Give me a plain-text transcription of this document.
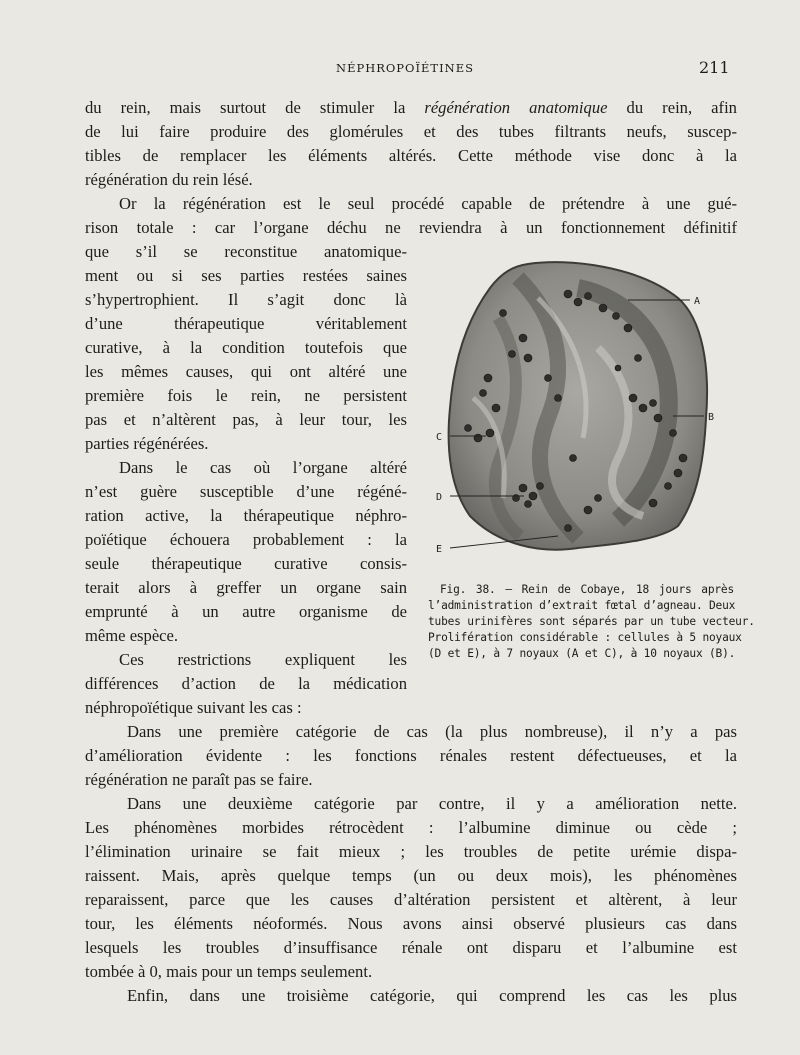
NÉPHROPOÏÉTINES	211
du rein, mais surtout de stimuler la régénération anatomique du rein, afin
de lui faire produire des glomérules et des tubes filtrants neufs, suscep-
tibles de remplacer les éléments altérés. Cette méthode vise donc à la
régénération du rein lésé.
Or la régénération est le seul procédé capable de prétendre à une gué-
rison totale : car l’organe déchu ne reviendra à un fonctionnement définitif
que s’il se reconstitue anatomique-
ment ou si ses parties restées saines
s’hypertrophient. Il s’agit donc là
d’une thérapeutique véritablement
curative, à la condition toutefois que
les mêmes causes, qui ont altéré une
première fois le rein, ne persistent
pas et n’altèrent pas, à leur tour, les
parties régénérées.
Dans le cas où l’organe altéré
n’est guère susceptible d’une régéné-
ration active, la thérapeutique néphro-
poïétique échouera probablement : la
seule thérapeutique curative consis-
terait alors à greffer un organe sain
emprunté à un autre organisme de
même espèce.
Ces restrictions expliquent les
différences d’action de la médication
néphropoïétique suivant les cas :
Dans une première catégorie de cas (la plus nombreuse), il n’y a pas
d’amélioration évidente : les fonctions rénales restent défectueuses, et la
régénération ne paraît pas se faire.
Dans une deuxième catégorie par contre, il y a amélioration nette.
Les phénomènes morbides rétrocèdent : l’albumine diminue ou cède ;
l’élimination urinaire se fait mieux ; les troubles de petite urémie dispa-
raissent. Mais, après quelque temps (un ou deux mois), les phénomènes
reparaissent, parce que les causes d’altération persistent et altèrent, à leur
tour, les éléments néoformés. Nous avons ainsi observé plusieurs cas dans
lesquels les troubles d’insuffisance rénale ont disparu et l’albumine est
tombée à 0, mais pour un temps seulement.
Enfin, dans une troisième catégorie, qui comprend les cas les plus
A
B
C
D
E
Fig. 38. — Rein de Cobaye, 18 jours après
l’administration d’extrait fœtal d’agneau. Deux
tubes urinifères sont séparés par un tube vecteur.
Prolifération considérable : cellules à 5 noyaux
(D et E), à 7 noyaux (A et C), à 10 noyaux (B).
